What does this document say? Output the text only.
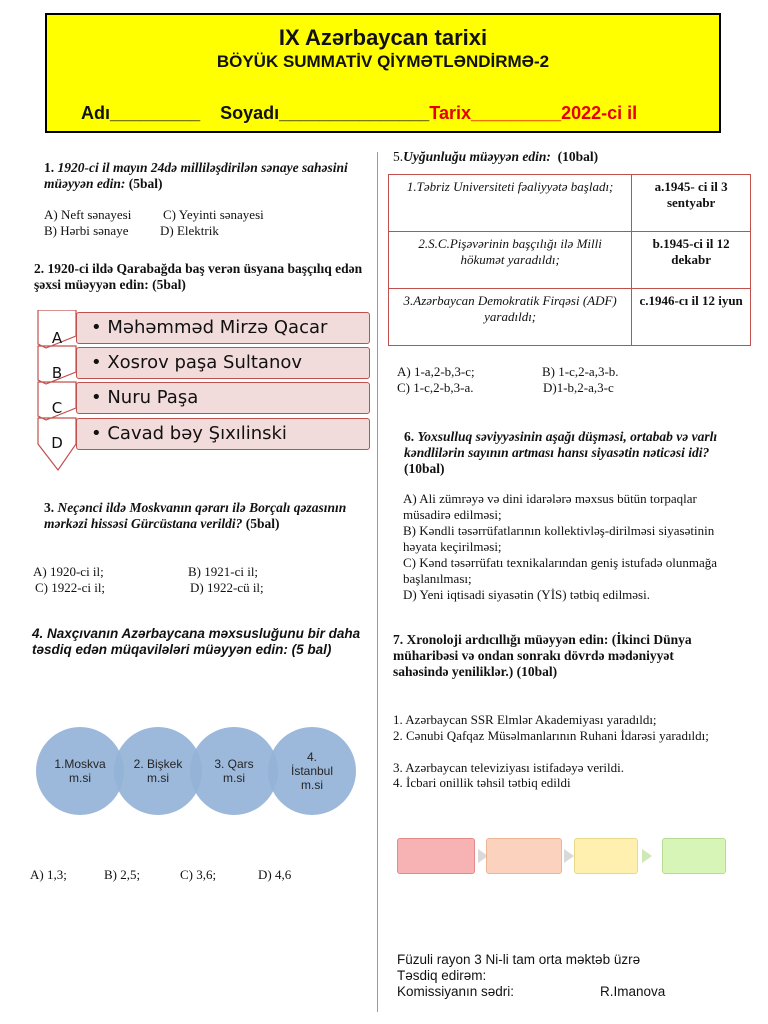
IX Azərbaycan tarixi
BÖYÜK SUMMATİV QİYMƏTLƏNDİRMƏ-2
Adı_________ Soyadı_______________Tarix_________2022-ci il
1. 1920-ci il mayın 24də milliləşdirilən sənaye sahəsini müəyyən edin: (5bal)
A) Neft sənayesi C) Yeyinti sənayesi
B) Hərbi sənaye D) Elektrik
2. 1920-ci ildə Qarabağda baş verən üsyana başçılıq edən şəxsi müəyyən edin: (5bal)
A
B
C
D
• Məhəmməd Mirzə Qacar
• Xosrov paşa Sultanov
• Nuru Paşa
• Cavad bəy Şıxılinski
3. Neçənci ildə Moskvanın qərarı ilə Borçalı qəzasının mərkəzi hissəsi Gürcüstana verildi? (5bal)
A) 1920-ci il;	B) 1921-ci il;
C) 1922-ci il;	D) 1922-cü il;
4. Naxçıvanın Azərbaycana məxsusluğunu bir daha təsdiq edən müqavilələri müəyyən edin: (5 bal)
1.Moskva
m.si
2. Bişkek
m.si
3. Qars
m.si
4.
İstanbul
m.si
A) 1,3;	B) 2,5;	C) 3,6;	D) 4,6
5.Uyğunluğu müəyyən edin: (10bal)
1.Təbriz Universiteti fəaliyyətə başladı;	a.1945- ci il 3 sentyabr
2.S.C.Pişəvərinin başçılığı ilə Milli hökumət yaradıldı;	b.1945-ci il 12 dekabr
3.Azərbaycan Demokratik Firqəsi (ADF) yaradıldı;	c.1946-cı il 12 iyun
A) 1-a,2-b,3-c;	B) 1-c,2-a,3-b.
C) 1-c,2-b,3-a.	D)1-b,2-a,3-c
6. Yoxsulluq səviyyəsinin aşağı düşməsi, ortabab və varlı kəndlilərin sayının artması hansı siyasətin nəticəsi idi? (10bal)
A) Ali zümrəyə və dini idarələrə məxsus bütün torpaqlar müsadirə edilməsi;
B) Kəndli təsərrüfatlarının kollektivləş-dirilməsi siyasətinin həyata keçirilməsi;
C) Kənd təsərrüfatı texnikalarından geniş istufadə olunmağa başlanılması;
D) Yeni iqtisadi siyasətin (YİS) tətbiq edilməsi.
7. Xronoloji ardıcıllığı müəyyən edin: (İkinci Dünya müharibəsi və ondan sonrakı dövrdə mədəniyyət sahəsində yeniliklər.) (10bal)
1. Azərbaycan SSR Elmlər Akademiyası yaradıldı;
2. Cənubi Qafqaz Müsəlmanlarının Ruhani İdarəsi yaradıldı;
3. Azərbaycan televiziyası istifadəyə verildi.
4. İcbari onillik təhsil tətbiq edildi
Füzuli rayon 3 Ni-li tam orta məktəb üzrə
Təsdiq edirəm:
Komissiyanın sədri:	R.Imanova
